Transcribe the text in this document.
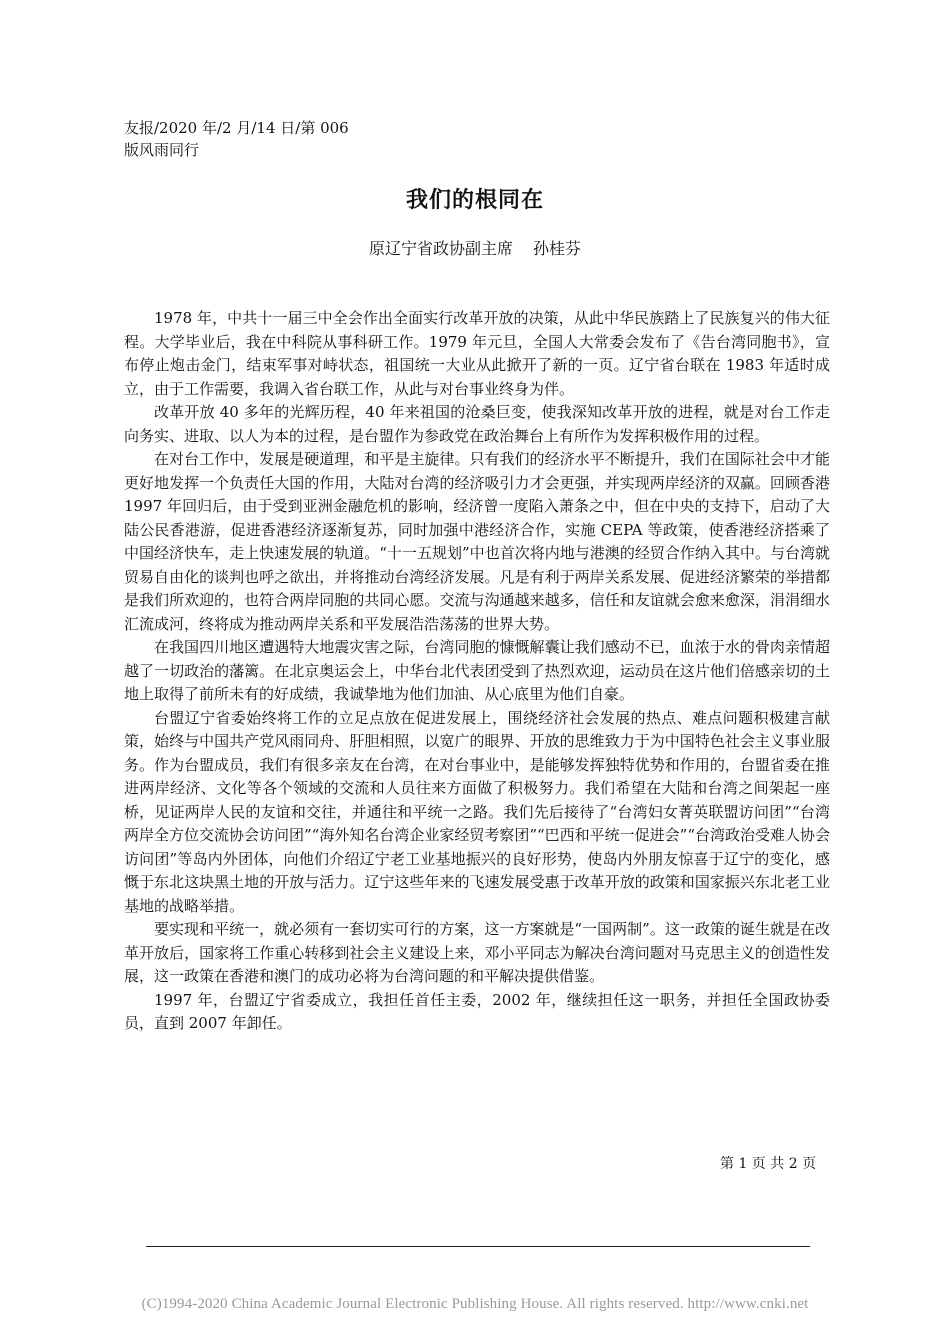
友报/2020 年/2 月/14 日/第 006
版风雨同行
我们的根同在
原辽宁省政协副主席 孙桂芬

1978 年，中共十一届三中全会作出全面实行改革开放的决策，从此中华民族踏上了民族复兴的伟大征程。大学毕业后，我在中科院从事科研工作。1979 年元旦，全国人大常委会发布了《告台湾同胞书》，宣布停止炮击金门，结束军事对峙状态，祖国统一大业从此掀开了新的一页。辽宁省台联在 1983 年适时成立，由于工作需要，我调入省台联工作，从此与对台事业终身为伴。

改革开放 40 多年的光辉历程，40 年来祖国的沧桑巨变，使我深知改革开放的进程，就是对台工作走向务实、进取、以人为本的过程，是台盟作为参政党在政治舞台上有所作为发挥积极作用的过程。

在对台工作中，发展是硬道理，和平是主旋律。只有我们的经济水平不断提升，我们在国际社会中才能更好地发挥一个负责任大国的作用，大陆对台湾的经济吸引力才会更强，并实现两岸经济的双赢。回顾香港 1997 年回归后，由于受到亚洲金融危机的影响，经济曾一度陷入萧条之中，但在中央的支持下，启动了大陆公民香港游，促进香港经济逐渐复苏，同时加强中港经济合作，实施 CEPA 等政策，使香港经济搭乘了中国经济快车，走上快速发展的轨道。“十一五规划”中也首次将内地与港澳的经贸合作纳入其中。与台湾就贸易自由化的谈判也呼之欲出，并将推动台湾经济发展。凡是有利于两岸关系发展、促进经济繁荣的举措都是我们所欢迎的，也符合两岸同胞的共同心愿。交流与沟通越来越多，信任和友谊就会愈来愈深，涓涓细水汇流成河，终将成为推动两岸关系和平发展浩浩荡荡的世界大势。

在我国四川地区遭遇特大地震灾害之际，台湾同胞的慷慨解囊让我们感动不已，血浓于水的骨肉亲情超越了一切政治的藩篱。在北京奥运会上，中华台北代表团受到了热烈欢迎，运动员在这片他们倍感亲切的土地上取得了前所未有的好成绩，我诚挚地为他们加油、从心底里为他们自豪。

台盟辽宁省委始终将工作的立足点放在促进发展上，围绕经济社会发展的热点、难点问题积极建言献策，始终与中国共产党风雨同舟、肝胆相照，以宽广的眼界、开放的思维致力于为中国特色社会主义事业服务。作为台盟成员，我们有很多亲友在台湾，在对台事业中，是能够发挥独特优势和作用的，台盟省委在推进两岸经济、文化等各个领域的交流和人员往来方面做了积极努力。我们希望在大陆和台湾之间架起一座桥，见证两岸人民的友谊和交往，并通往和平统一之路。我们先后接待了“台湾妇女菁英联盟访问团”“台湾两岸全方位交流协会访问团”“海外知名台湾企业家经贸考察团”“巴西和平统一促进会”“台湾政治受难人协会访问团”等岛内外团体，向他们介绍辽宁老工业基地振兴的良好形势，使岛内外朋友惊喜于辽宁的变化，感慨于东北这块黑土地的开放与活力。辽宁这些年来的飞速发展受惠于改革开放的政策和国家振兴东北老工业基地的战略举措。

要实现和平统一，就必须有一套切实可行的方案，这一方案就是“一国两制”。这一政策的诞生就是在改革开放后，国家将工作重心转移到社会主义建设上来，邓小平同志为解决台湾问题对马克思主义的创造性发展，这一政策在香港和澳门的成功必将为台湾问题的和平解决提供借鉴。

1997 年，台盟辽宁省委成立，我担任首任主委，2002 年，继续担任这一职务，并担任全国政协委员，直到 2007 年卸任。

第 1 页 共 2 页
(C)1994-2020 China Academic Journal Electronic Publishing House. All rights reserved. http://www.cnki.net
